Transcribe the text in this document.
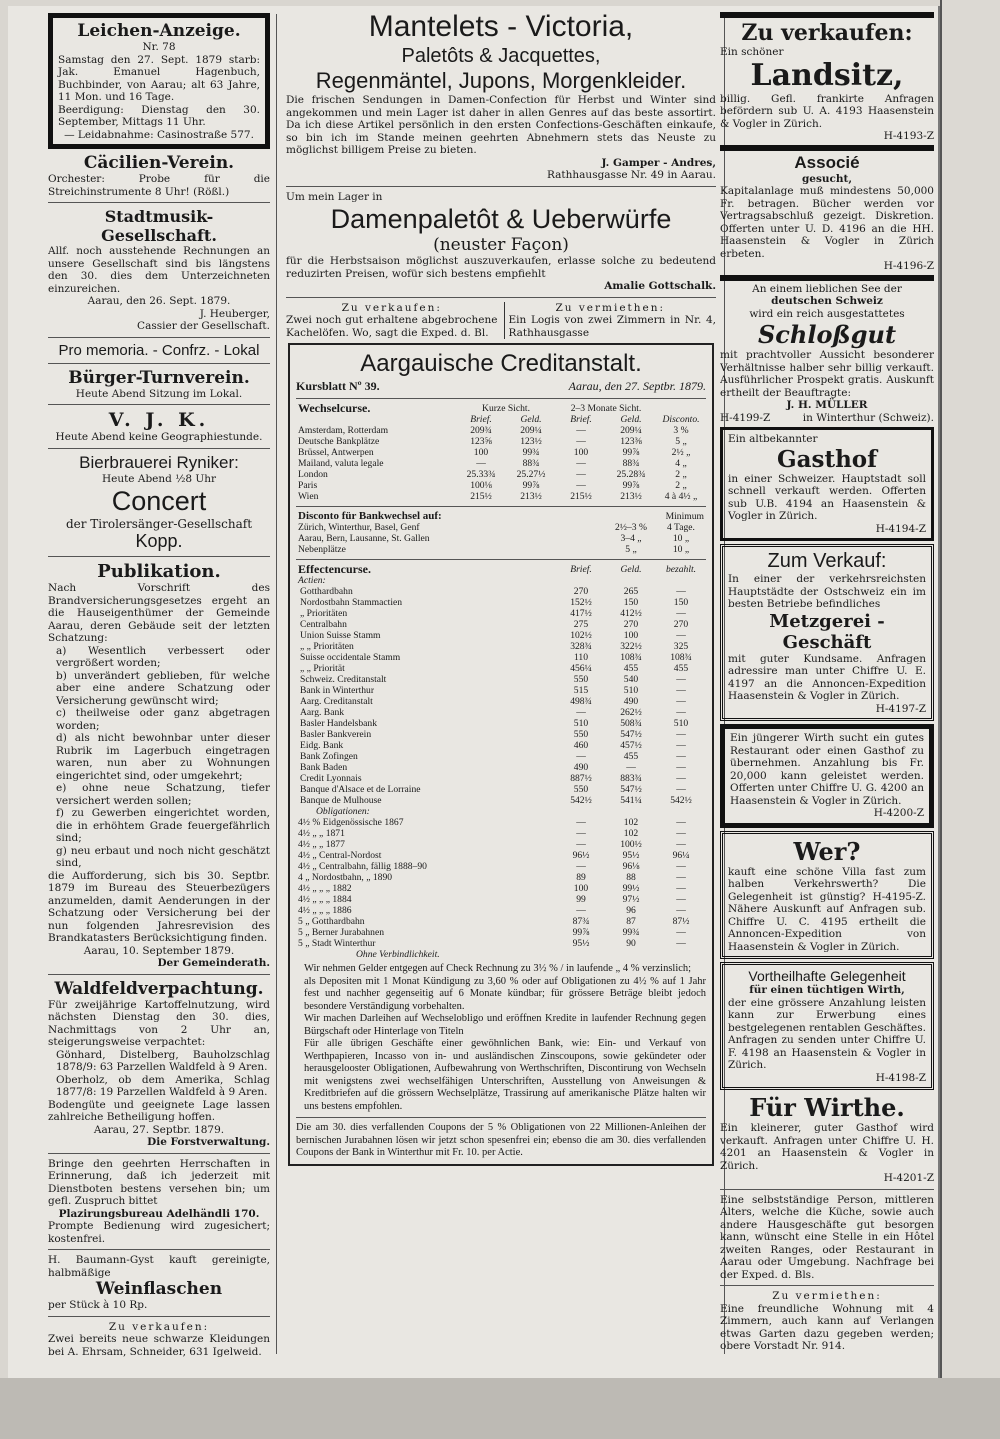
Leichen-Anzeige.

Nr. 78

Samstag den 27. Sept. 1879 starb: Jak. Emanuel Hagenbuch, Buchbinder, von Aarau; alt 63 Jahre, 11 Mon. und 16 Tage.

Beerdigung: Dienstag den 30. September, Mittags 11 Uhr.

— Leidabnahme: Casinostraße 577.

Cäcilien-Verein.

Orchester: Probe für die Streichinstrumente 8 Uhr! (Rößl.)

Stadtmusik-Gesellschaft.

Allf. noch ausstehende Rechnungen an unsere Gesellschaft sind bis längstens den 30. dies dem Unterzeichneten einzureichen.

Aarau, den 26. Sept. 1879.

J. Heuberger,

Cassier der Gesellschaft.

Pro memoria. - Confrz. - Lokal

Bürger-Turnverein.

Heute Abend Sitzung im Lokal.

V. J. K.

Heute Abend keine Geographiestunde.

Bierbrauerei Ryniker:

Heute Abend ½8 Uhr

Concert

der Tirolersänger-Gesellschaft

Kopp.

Publikation.

Nach Vorschrift des Brandversicherungsgesetzes ergeht an die Hauseigenthümer der Gemeinde Aarau, deren Gebäude seit der letzten Schatzung:

a) Wesentlich verbessert oder vergrößert worden;

b) unverändert geblieben, für welche aber eine andere Schatzung oder Versicherung gewünscht wird;

c) theilweise oder ganz abgetragen worden;

d) als nicht bewohnbar unter dieser Rubrik im Lagerbuch eingetragen waren, nun aber zu Wohnungen eingerichtet sind, oder umgekehrt;

e) ohne neue Schatzung, tiefer versichert werden sollen;

f) zu Gewerben eingerichtet worden, die in erhöhtem Grade feuergefährlich sind;

g) neu erbaut und noch nicht geschätzt sind,

die Aufforderung, sich bis 30. Septbr. 1879 im Bureau des Steuerbezügers anzumelden, damit Aenderungen in der Schatzung oder Versicherung bei der nun folgenden Jahresrevision des Brandkatasters Berücksichtigung finden.

Aarau, 10. September 1879.

Der Gemeinderath.

Waldfeldverpachtung.

Für zweijährige Kartoffelnutzung, wird nächsten Dienstag den 30. dies, Nachmittags von 2 Uhr an, steigerungsweise verpachtet:

Gönhard, Distelberg, Bauholzschlag 1878/9: 63 Parzellen Waldfeld à 9 Aren.

Oberholz, ob dem Amerika, Schlag 1877/8: 19 Parzellen Waldfeld à 9 Aren.

Bodengüte und geeignete Lage lassen zahlreiche Betheiligung hoffen.

Aarau, 27. Septbr. 1879.

Die Forstverwaltung.

Bringe den geehrten Herrschaften in Erinnerung, daß ich jederzeit mit Dienstboten bestens versehen bin; um gefl. Zuspruch bittet

Plazirungsbureau Adelhändli 170.

Prompte Bedienung wird zugesichert; kostenfrei.

H. Baumann-Gyst kauft gereinigte, halbmäßige

Weinflaschen

per Stück à 10 Rp.

Zu verkaufen:

Zwei bereits neue schwarze Kleidungen bei A. Ehrsam, Schneider, 631 Igelweid.

Mantelets - Victoria,

Paletôts & Jacquettes,

Regenmäntel, Jupons, Morgenkleider.

Die frischen Sendungen in Damen-Confection für Herbst und Winter sind angekommen und mein Lager ist daher in allen Genres auf das beste assortirt. Da ich diese Artikel persönlich in den ersten Confections-Geschäften einkaufe, so bin ich im Stande meinen geehrten Abnehmern stets das Neuste zu möglichst billigem Preise zu bieten.

J. Gamper - Andres,

Rathhausgasse Nr. 49 in Aarau.

Um mein Lager in

Damenpaletôt & Ueberwürfe

(neuster Façon)

für die Herbstsaison möglichst auszuverkaufen, erlasse solche zu bedeutend reduzirten Preisen, wofür sich bestens empfiehlt

Amalie Gottschalk.

Zu verkaufen:

Zwei noch gut erhaltene abgebrochene Kachelöfen. Wo, sagt die Exped. d. Bl.

Zu vermiethen:

Ein Logis von zwei Zimmern in Nr. 4, Rathhausgasse

Aargauische Creditanstalt.

Kursblatt Nº 39.	Aarau, den 27. Septbr. 1879.
Wechselcurse.	Kurze Sicht.		2–3 Monate Sicht.		
	Brief.	Geld.	Brief.	Geld.	Disconto.
Amsterdam, Rotterdam	209¾	209¼	—	209¼	3 %
Deutsche Bankplätze	123⅝	123½	—	123⅜	5 „
Brüssel, Antwerpen	100	99¾	100	99⅞	2½ „
Mailand, valuta legale	—	88¾	—	88¾	4 „
London	25.33¾	25.27½	—	25.28¾	2 „
Paris	100⅛	99⅞	—	99⅞	2 „
Wien	215½	213½	215½	213½	4 à 4½ „
Disconto für Bankwechsel auf:		Minimum
Zürich, Winterthur, Basel, Genf	2½–3 %	4 Tage.
Aarau, Bern, Lausanne, St. Gallen	3–4 „	10 „
Nebenplätze	5 „	10 „
Effectencurse.	Brief.	Geld.	bezahlt.
Actien:			
Gotthardbahn	270	265	—
Nordostbahn Stammactien	152½	150	150
„ Prioritäten	417½	412½	—
Centralbahn	275	270	270
Union Suisse Stamm	102½	100	—
„ „ Prioritäten	328¾	322½	325
Suisse occidentale Stamm	110	108¾	108¾
„ „ Priorität	456¼	455	455
Schweiz. Creditanstalt	550	540	—
Bank in Winterthur	515	510	—
Aarg. Creditanstalt	498¾	490	—
Aarg. Bank	—	262½	—
Basler Handelsbank	510	508¾	510
Basler Bankverein	550	547½	—
Eidg. Bank	460	457½	—
Bank Zofingen	—	455	—
Bank Baden	490	—	—
Credit Lyonnais	887½	883¾	—
Banque d'Alsace et de Lorraine	550	547½	—
Banque de Mulhouse	542½	541¼	542½
Obligationen:			
4½ % Eidgenössische 1867	—	102	—
4½ „ „ 1871	—	102	—
4½ „ „ 1877	—	100½	—
4½ „ Central-Nordost	96½	95½	96¼
4½ „ Centralbahn, fällig 1888–90	—	96⅛	—
4 „ Nordostbahn, „ 1890	89	88	—
4½ „ „ „ 1882	100	99½	—
4½ „ „ „ 1884	99	97½	—
4½ „ „ „ 1886	—	96	—
5 „ Gotthardbahn	87¾	87	87½
5 „ Berner Jurabahnen	99⅞	99¾	—
5 „ Stadt Winterthur	95½	90	—
Ohne Verbindlichkeit.			

Wir nehmen Gelder entgegen auf Check Rechnung zu 3½ % / in laufende „ 4 % verzinslich;

als Depositen mit 1 Monat Kündigung zu 3,60 % oder auf Obligationen zu 4½ % auf 1 Jahr fest und nachher gegenseitig auf 6 Monate kündbar; für grössere Beträge bleibt jedoch besondere Verständigung vorbehalten.

Wir machen Darleihen auf Wechselobligo und eröffnen Kredite in laufender Rechnung gegen Bürgschaft oder Hinterlage von Titeln

Für alle übrigen Geschäfte einer gewöhnlichen Bank, wie: Ein- und Verkauf von Werthpapieren, Incasso von in- und ausländischen Zinscoupons, sowie gekündeter oder herausgelooster Obligationen, Aufbewahrung von Werthschriften, Discontirung von Wechseln mit wenigstens zwei wechselfähigen Unterschriften, Ausstellung von Anweisungen & Kreditbriefen auf die grössern Wechselplätze, Trassirung auf amerikanische Plätze halten wir uns bestens empfohlen.

Die am 30. dies verfallenden Coupons der 5 % Obligationen von 22 Millionen-Anleihen der bernischen Jurabahnen lösen wir jetzt schon spesenfrei ein; ebenso die am 30. dies verfallenden Coupons der Bank in Winterthur mit Fr. 10. per Actie.

Zu verkaufen:

Ein schöner

Landsitz,

billig. Gefl. frankirte Anfragen befördern sub U. A. 4193 Haasenstein & Vogler in Zürich.

H-4193-Z

Associé

gesucht,

Kapitalanlage muß mindestens 50,000 Fr. betragen. Bücher werden vor Vertragsabschluß gezeigt. Diskretion. Offerten unter U. D. 4196 an die HH. Haasenstein & Vogler in Zürich erbeten.

H-4196-Z

An einem lieblichen See der

deutschen Schweiz

wird ein reich ausgestattetes

Schloßgut

mit prachtvoller Aussicht besonderer Verhältnisse halber sehr billig verkauft. Ausführlicher Prospekt gratis. Auskunft ertheilt der Beauftragte:

J. H. MÜLLER

H-4199-Z	in Winterthur (Schweiz).

Ein altbekannter

Gasthof

in einer Schweizer. Hauptstadt soll schnell verkauft werden. Offerten sub U.B. 4194 an Haasenstein & Vogler in Zürich.

H-4194-Z

Zum Verkauf:

In einer der verkehrsreichsten Hauptstädte der Ostschweiz ein im besten Betriebe befindliches

Metzgerei - Geschäft

mit guter Kundsame. Anfragen adressire man unter Chiffre U. E. 4197 an die Annoncen-Expedition Haasenstein & Vogler in Zürich.

H-4197-Z

Ein jüngerer Wirth sucht ein gutes Restaurant oder einen Gasthof zu übernehmen. Anzahlung bis Fr. 20,000 kann geleistet werden. Offerten unter Chiffre U. G. 4200 an Haasenstein & Vogler in Zürich.

H-4200-Z

Wer?

kauft eine schöne Villa fast zum halben Verkehrswerth? Die Gelegenheit ist günstig? H-4195-Z. Nähere Auskunft auf Anfragen sub. Chiffre U. C. 4195 ertheilt die Annoncen-Expedition von Haasenstein & Vogler in Zürich.

Vortheilhafte Gelegenheit

für einen tüchtigen Wirth,

der eine grössere Anzahlung leisten kann zur Erwerbung eines bestgelegenen rentablen Geschäftes. Anfragen zu senden unter Chiffre U. F. 4198 an Haasenstein & Vogler in Zürich.

H-4198-Z

Für Wirthe.

Ein kleinerer, guter Gasthof wird verkauft. Anfragen unter Chiffre U. H. 4201 an Haasenstein & Vogler in Zürich.

H-4201-Z

Eine selbstständige Person, mittleren Alters, welche die Küche, sowie auch andere Hausgeschäfte gut besorgen kann, wünscht eine Stelle in ein Hôtel zweiten Ranges, oder Restaurant in Aarau oder Umgebung. Nachfrage bei der Exped. d. Bls.

Zu vermiethen:

Eine freundliche Wohnung mit 4 Zimmern, auch kann auf Verlangen etwas Garten dazu gegeben werden; obere Vorstadt Nr. 914.
